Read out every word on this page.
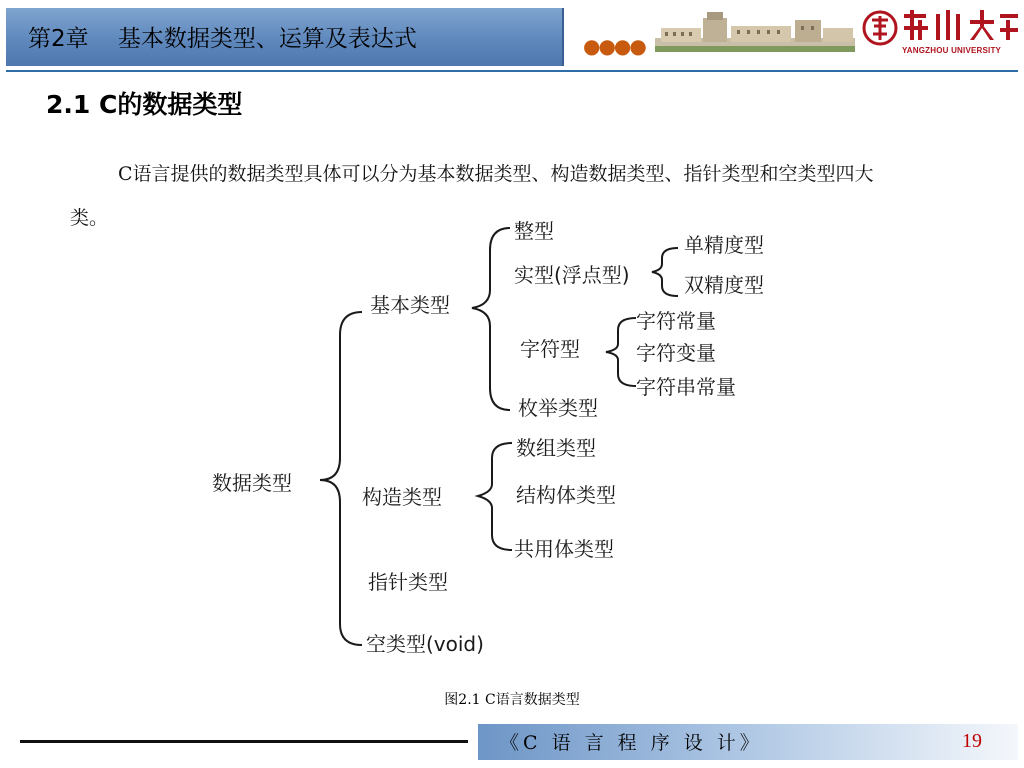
第2章 基本数据类型、运算及表达式	●●●●	YANGZHOU UNIVERSITY
2.1 C的数据类型
C语言提供的数据类型具体可以分为基本数据类型、构造数据类型、指针类型和空类型四大类。
数据类型
基本类型
整型
实型(浮点型)
单精度型
双精度型
字符型
字符常量
字符变量
字符串常量
枚举类型
构造类型
数组类型
结构体类型
共用体类型
指针类型
空类型(void)
图2.1 C语言数据类型
《C 语 言 程 序 设 计》	19
